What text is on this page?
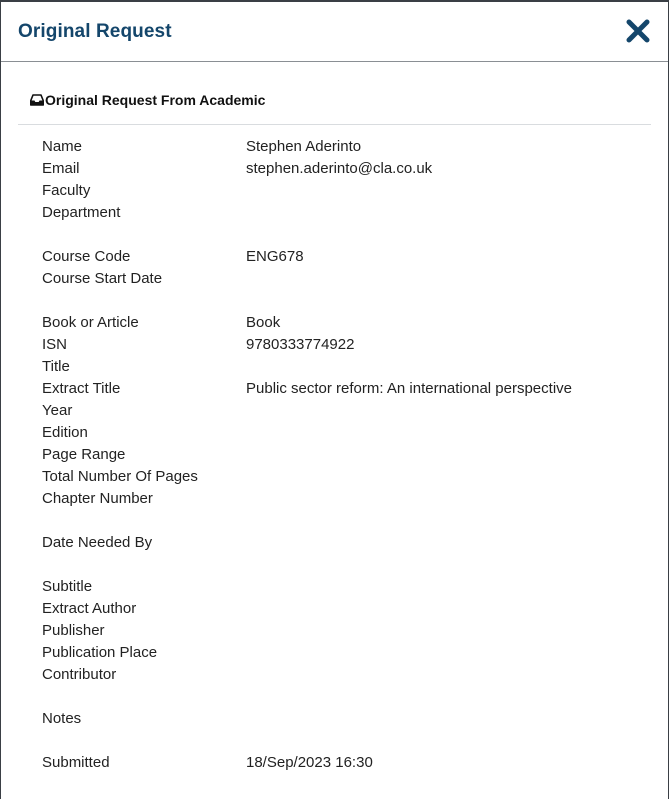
Original Request
Original Request From Academic
Name	Stephen Aderinto
Email	stephen.aderinto@cla.co.uk
Faculty
Department
Course Code	ENG678
Course Start Date
Book or Article	Book
ISN	9780333774922
Title
Extract Title	Public sector reform: An international perspective
Year
Edition
Page Range
Total Number Of Pages
Chapter Number
Date Needed By
Subtitle
Extract Author
Publisher
Publication Place
Contributor
Notes
Submitted	18/Sep/2023 16:30
